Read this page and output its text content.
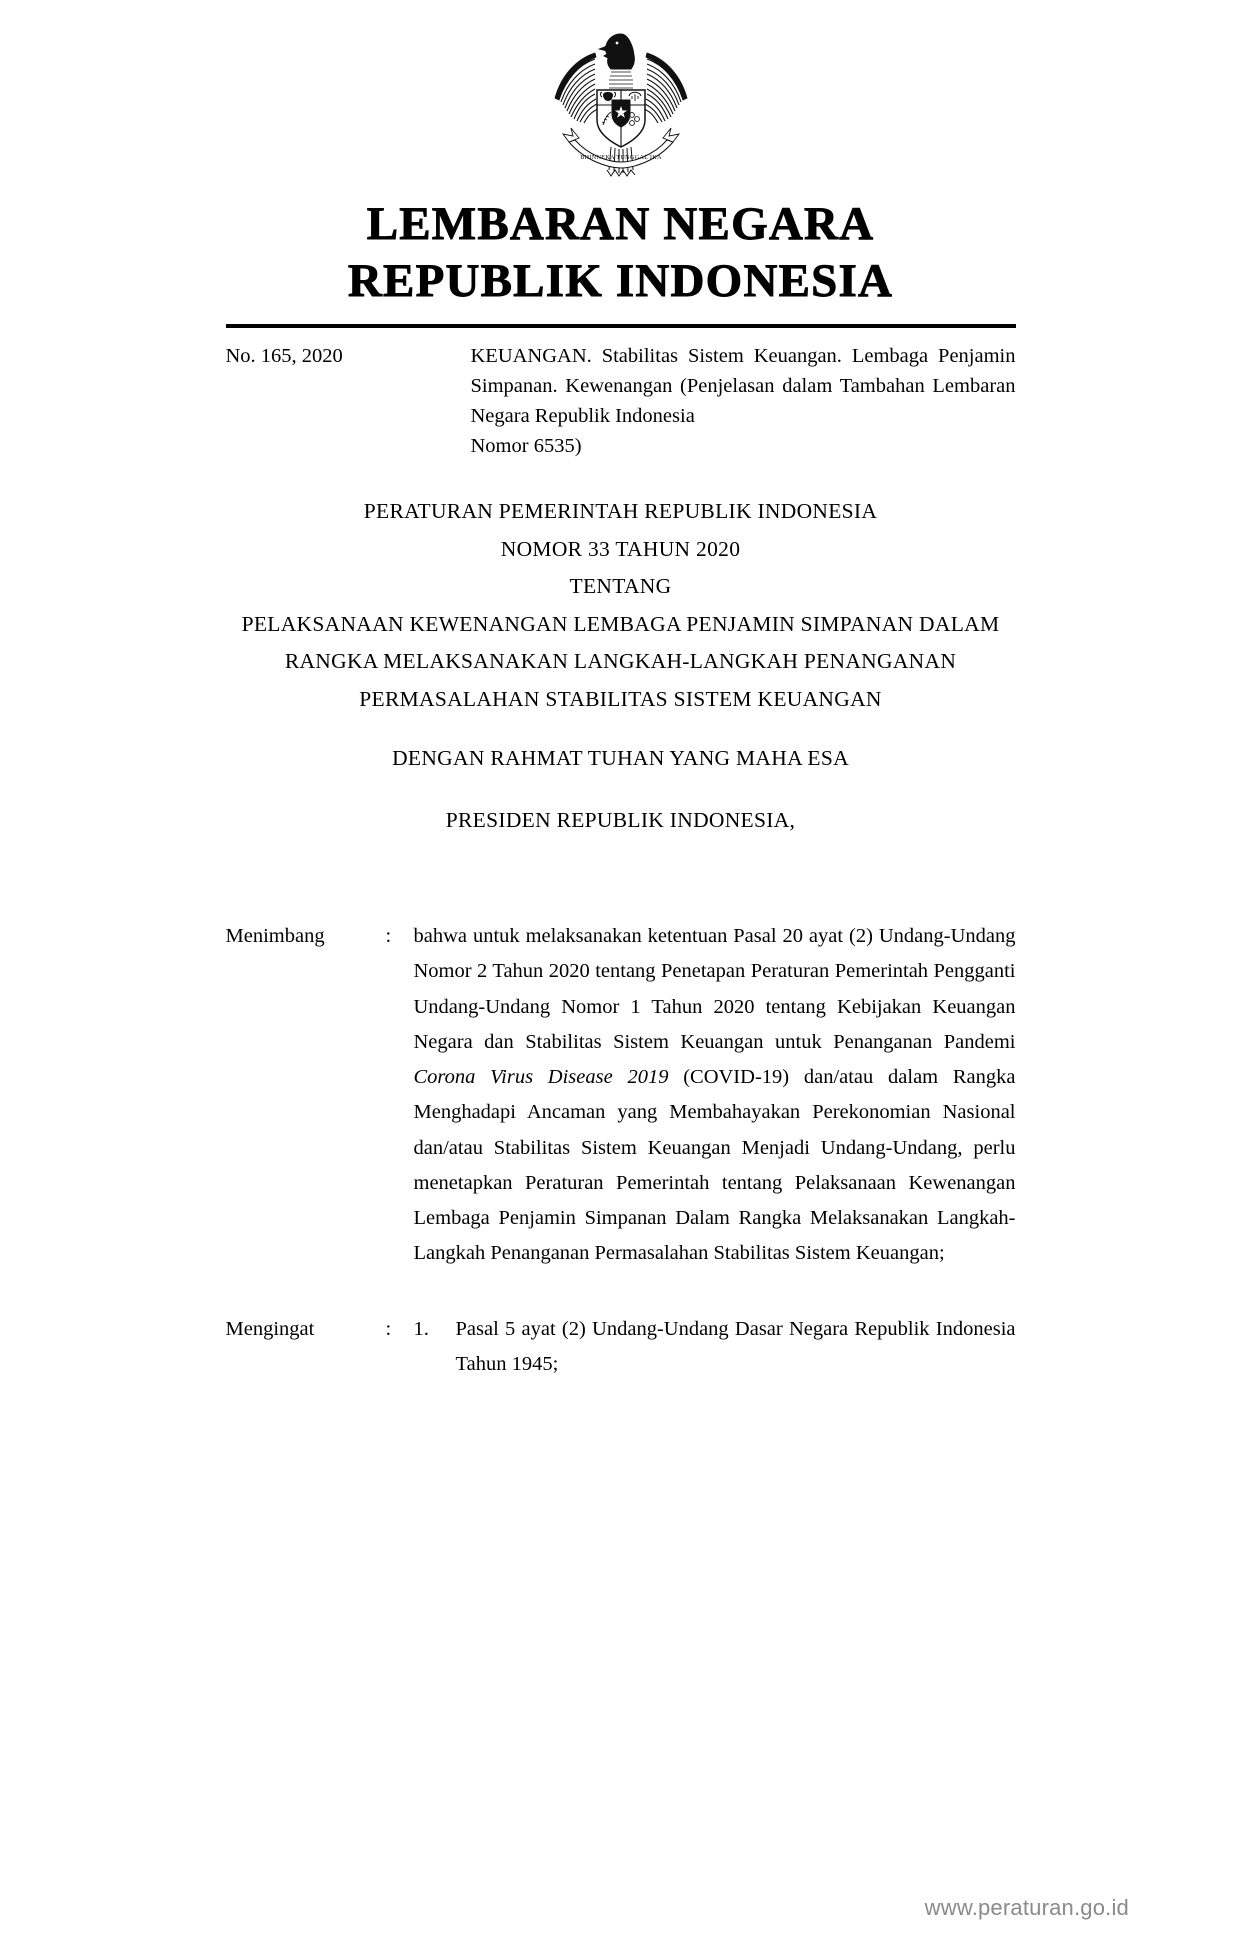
BHINNEKA TUNGGAL IKA
LEMBARAN NEGARA
REPUBLIK INDONESIA
No. 165, 2020	KEUANGAN. Stabilitas Sistem Keuangan. Lembaga Penjamin Simpanan. Kewenangan (Penjelasan dalam Tambahan Lembaran Negara Republik Indonesia
Nomor 6535)
PERATURAN PEMERINTAH REPUBLIK INDONESIA
NOMOR 33 TAHUN 2020
TENTANG
PELAKSANAAN KEWENANGAN LEMBAGA PENJAMIN SIMPANAN DALAM
RANGKA MELAKSANAKAN LANGKAH-LANGKAH PENANGANAN
PERMASALAHAN STABILITAS SISTEM KEUANGAN
DENGAN RAHMAT TUHAN YANG MAHA ESA
PRESIDEN REPUBLIK INDONESIA,
Menimbang	:	bahwa untuk melaksanakan ketentuan Pasal 20 ayat (2) Undang-Undang Nomor 2 Tahun 2020 tentang Penetapan Peraturan Pemerintah Pengganti Undang-Undang Nomor 1 Tahun 2020 tentang Kebijakan Keuangan Negara dan Stabilitas Sistem Keuangan untuk Penanganan Pandemi Corona Virus Disease 2019 (COVID-19) dan/atau dalam Rangka Menghadapi Ancaman yang Membahayakan Perekonomian Nasional dan/atau Stabilitas Sistem Keuangan Menjadi Undang-Undang, perlu menetapkan Peraturan Pemerintah tentang Pelaksanaan Kewenangan Lembaga Penjamin Simpanan Dalam Rangka Melaksanakan Langkah-Langkah Penanganan Permasalahan Stabilitas Sistem Keuangan;
Mengingat	:	1.	Pasal 5 ayat (2) Undang-Undang Dasar Negara Republik Indonesia Tahun 1945;
www.peraturan.go.id
